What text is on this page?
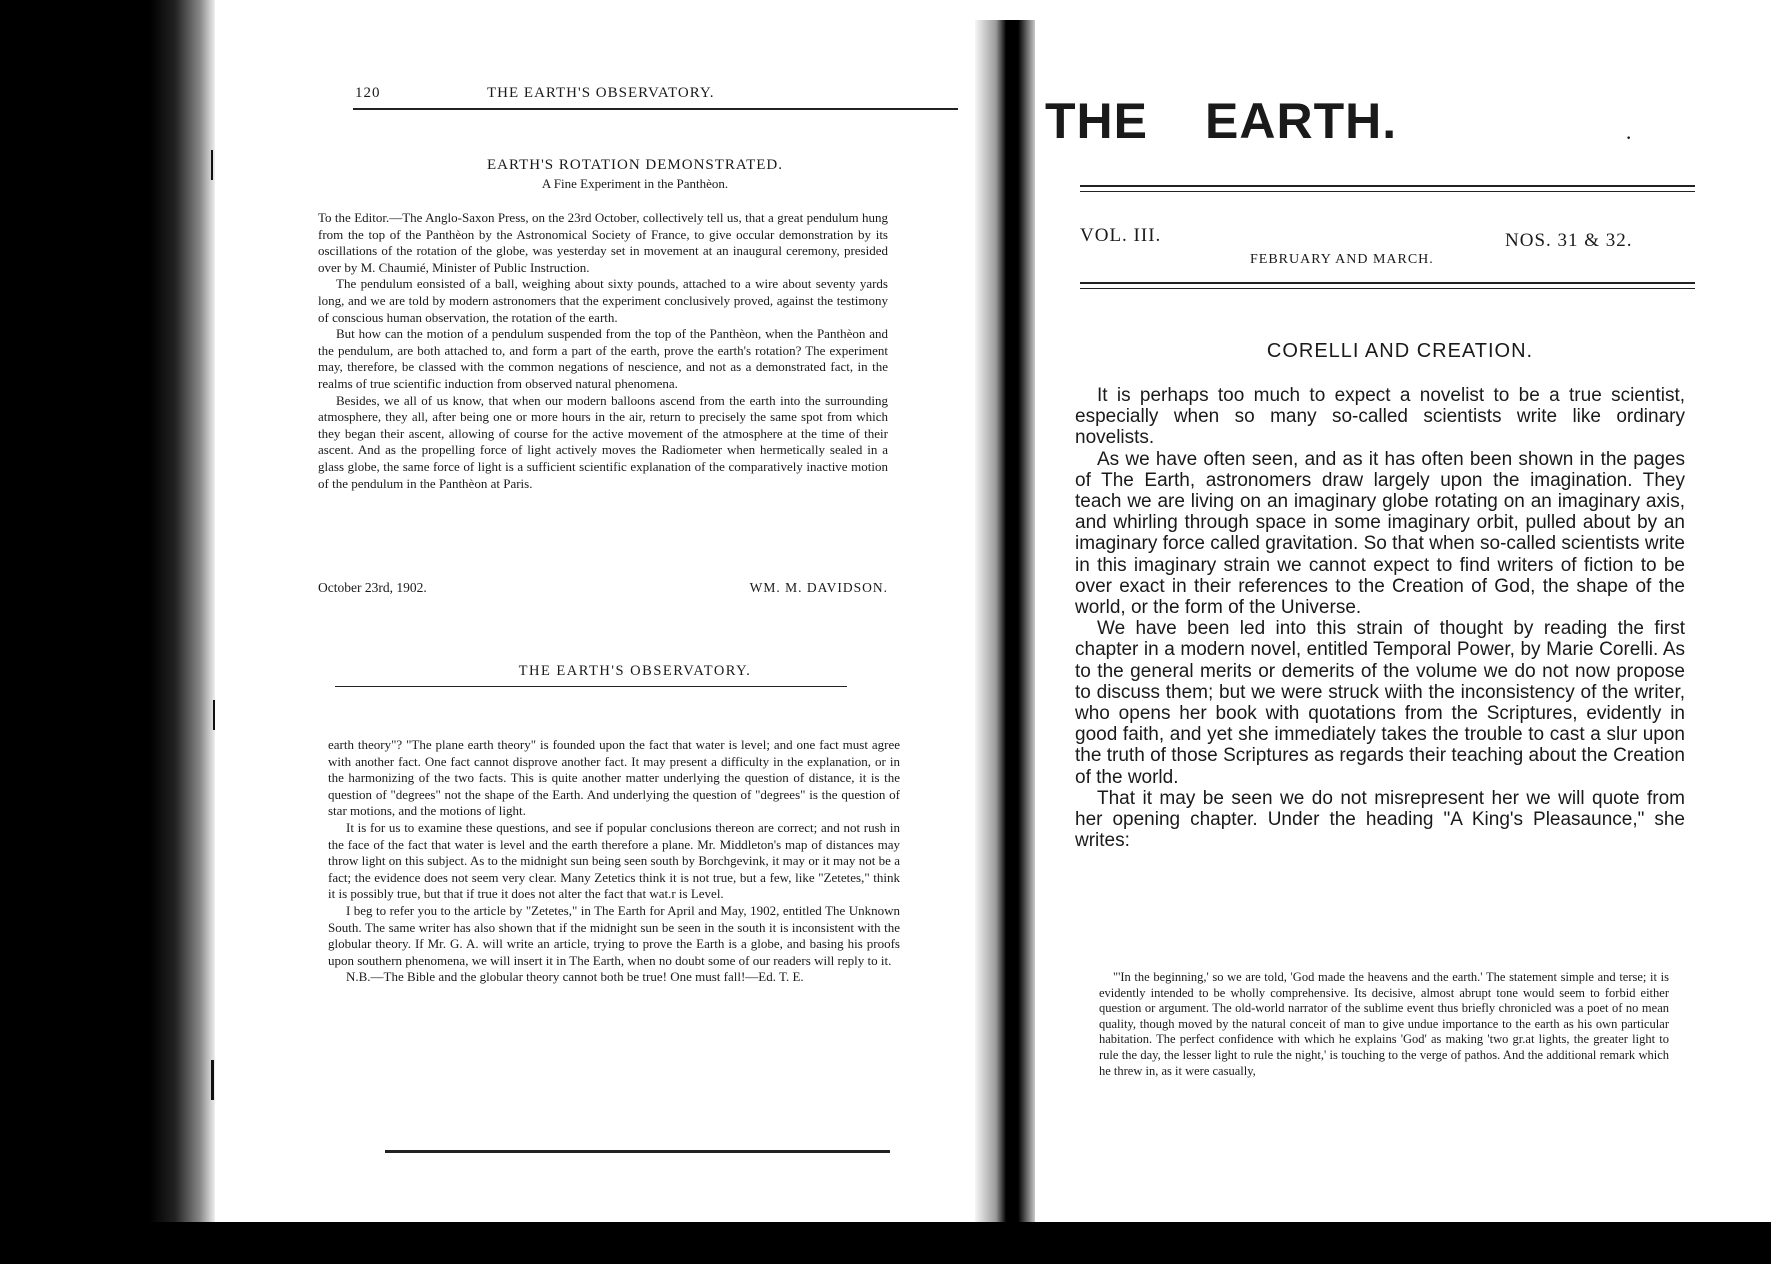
120	THE EARTH'S OBSERVATORY.
EARTH'S ROTATION DEMONSTRATED.
A Fine Experiment in the Panthèon.

To the Editor.—The Anglo-Saxon Press, on the 23rd October, collectively tell us, that a great pendulum hung from the top of the Panthèon by the Astronomical Society of France, to give occular demonstration by its oscillations of the rotation of the globe, was yesterday set in movement at an inaugural ceremony, presided over by M. Chaumié, Minister of Public Instruction.

The pendulum eonsisted of a ball, weighing about sixty pounds, attached to a wire about seventy yards long, and we are told by modern astronomers that the experiment conclusively proved, against the testimony of conscious human observation, the rotation of the earth.

But how can the motion of a pendulum suspended from the top of the Panthèon, when the Panthèon and the pendulum, are both attached to, and form a part of the earth, prove the earth's rotation? The experiment may, therefore, be classed with the common negations of nescience, and not as a demonstrated fact, in the realms of true scientific induction from observed natural phenomena.

Besides, we all of us know, that when our modern balloons ascend from the earth into the surrounding atmosphere, they all, after being one or more hours in the air, return to precisely the same spot from which they began their ascent, allowing of course for the active movement of the atmosphere at the time of their ascent. And as the propelling force of light actively moves the Radiometer when hermetically sealed in a glass globe, the same force of light is a sufficient scientific explanation of the comparatively inactive motion of the pendulum in the Panthèon at Paris.

October 23rd, 1902.	WM. M. DAVIDSON.
THE EARTH'S OBSERVATORY.

earth theory"? "The plane earth theory" is founded upon the fact that water is level; and one fact must agree with another fact. One fact cannot disprove another fact. It may present a difficulty in the explanation, or in the harmonizing of the two facts. This is quite another matter underlying the question of distance, it is the question of "degrees" not the shape of the Earth. And underlying the question of "degrees" is the question of star motions, and the motions of light.

It is for us to examine these questions, and see if popular conclusions thereon are correct; and not rush in the face of the fact that water is level and the earth therefore a plane. Mr. Middleton's map of distances may throw light on this subject. As to the midnight sun being seen south by Borchgevink, it may or it may not be a fact; the evidence does not seem very clear. Many Zetetics think it is not true, but a few, like "Zetetes," think it is possibly true, but that if true it does not alter the fact that wat.r is Level.

I beg to refer you to the article by "Zetetes," in The Earth for April and May, 1902, entitled The Unknown South. The same writer has also shown that if the midnight sun be seen in the south it is inconsistent with the globular theory. If Mr. G. A. will write an article, trying to prove the Earth is a globe, and basing his proofs upon southern phenomena, we will insert it in The Earth, when no doubt some of our readers will reply to it.

N.B.—The Bible and the globular theory cannot both be true! One must fall!—Ed. T. E.

THE EARTH.	·
VOL. III.	NOS. 31 & 32.
FEBRUARY AND MARCH.
CORELLI AND CREATION.

It is perhaps too much to expect a novelist to be a true scientist, especially when so many so-called scientists write like ordinary novelists.

As we have often seen, and as it has often been shown in the pages of The Earth, astronomers draw largely upon the imagination. They teach we are living on an imaginary globe rotating on an imaginary axis, and whirling through space in some imaginary orbit, pulled about by an imaginary force called gravitation. So that when so-called scientists write in this imaginary strain we cannot expect to find writers of fiction to be over exact in their references to the Creation of God, the shape of the world, or the form of the Universe.

We have been led into this strain of thought by reading the first chapter in a modern novel, entitled Temporal Power, by Marie Corelli. As to the general merits or demerits of the volume we do not now propose to discuss them; but we were struck wiith the inconsistency of the writer, who opens her book with quotations from the Scriptures, evidently in good faith, and yet she immediately takes the trouble to cast a slur upon the truth of those Scriptures as regards their teaching about the Creation of the world.

That it may be seen we do not misrepresent her we will quote from her opening chapter. Under the heading "A King's Pleasaunce," she writes:

"'In the beginning,' so we are told, 'God made the heavens and the earth.' The statement simple and terse; it is evidently intended to be wholly comprehensive. Its decisive, almost abrupt tone would seem to forbid either question or argument. The old-world narrator of the sublime event thus briefly chronicled was a poet of no mean quality, though moved by the natural conceit of man to give undue importance to the earth as his own particular habitation. The perfect confidence with which he explains 'God' as making 'two gr.at lights, the greater light to rule the day, the lesser light to rule the night,' is touching to the verge of pathos. And the additional remark which he threw in, as it were casually,
